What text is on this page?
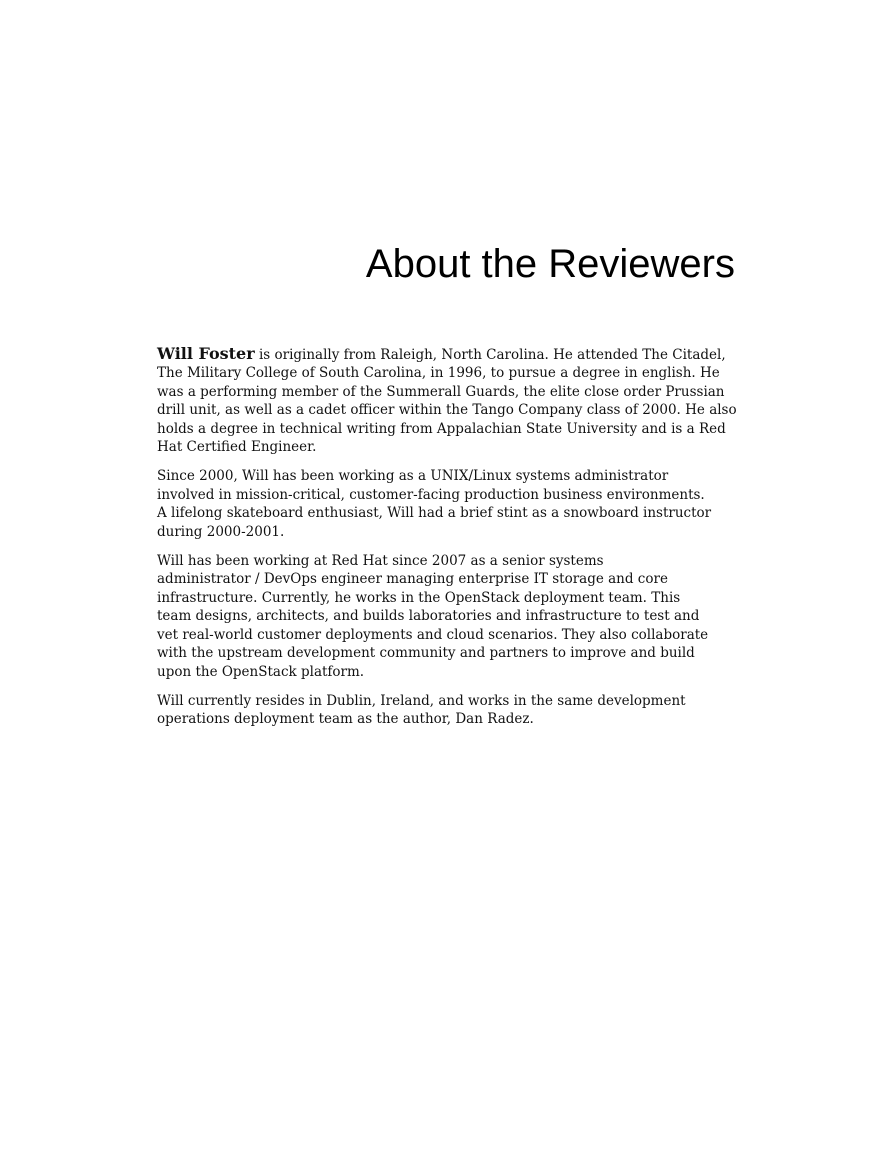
About the Reviewers

Will Foster is originally from Raleigh, North Carolina. He attended The Citadel,
The Military College of South Carolina, in 1996, to pursue a degree in english. He
was a performing member of the Summerall Guards, the elite close order Prussian
drill unit, as well as a cadet officer within the Tango Company class of 2000. He also
holds a degree in technical writing from Appalachian State University and is a Red
Hat Certified Engineer.

Since 2000, Will has been working as a UNIX/Linux systems administrator
involved in mission-critical, customer-facing production business environments.
A lifelong skateboard enthusiast, Will had a brief stint as a snowboard instructor
during 2000-2001.

Will has been working at Red Hat since 2007 as a senior systems
administrator / DevOps engineer managing enterprise IT storage and core
infrastructure. Currently, he works in the OpenStack deployment team. This
team designs, architects, and builds laboratories and infrastructure to test and
vet real-world customer deployments and cloud scenarios. They also collaborate
with the upstream development community and partners to improve and build
upon the OpenStack platform.

Will currently resides in Dublin, Ireland, and works in the same development
operations deployment team as the author, Dan Radez.
